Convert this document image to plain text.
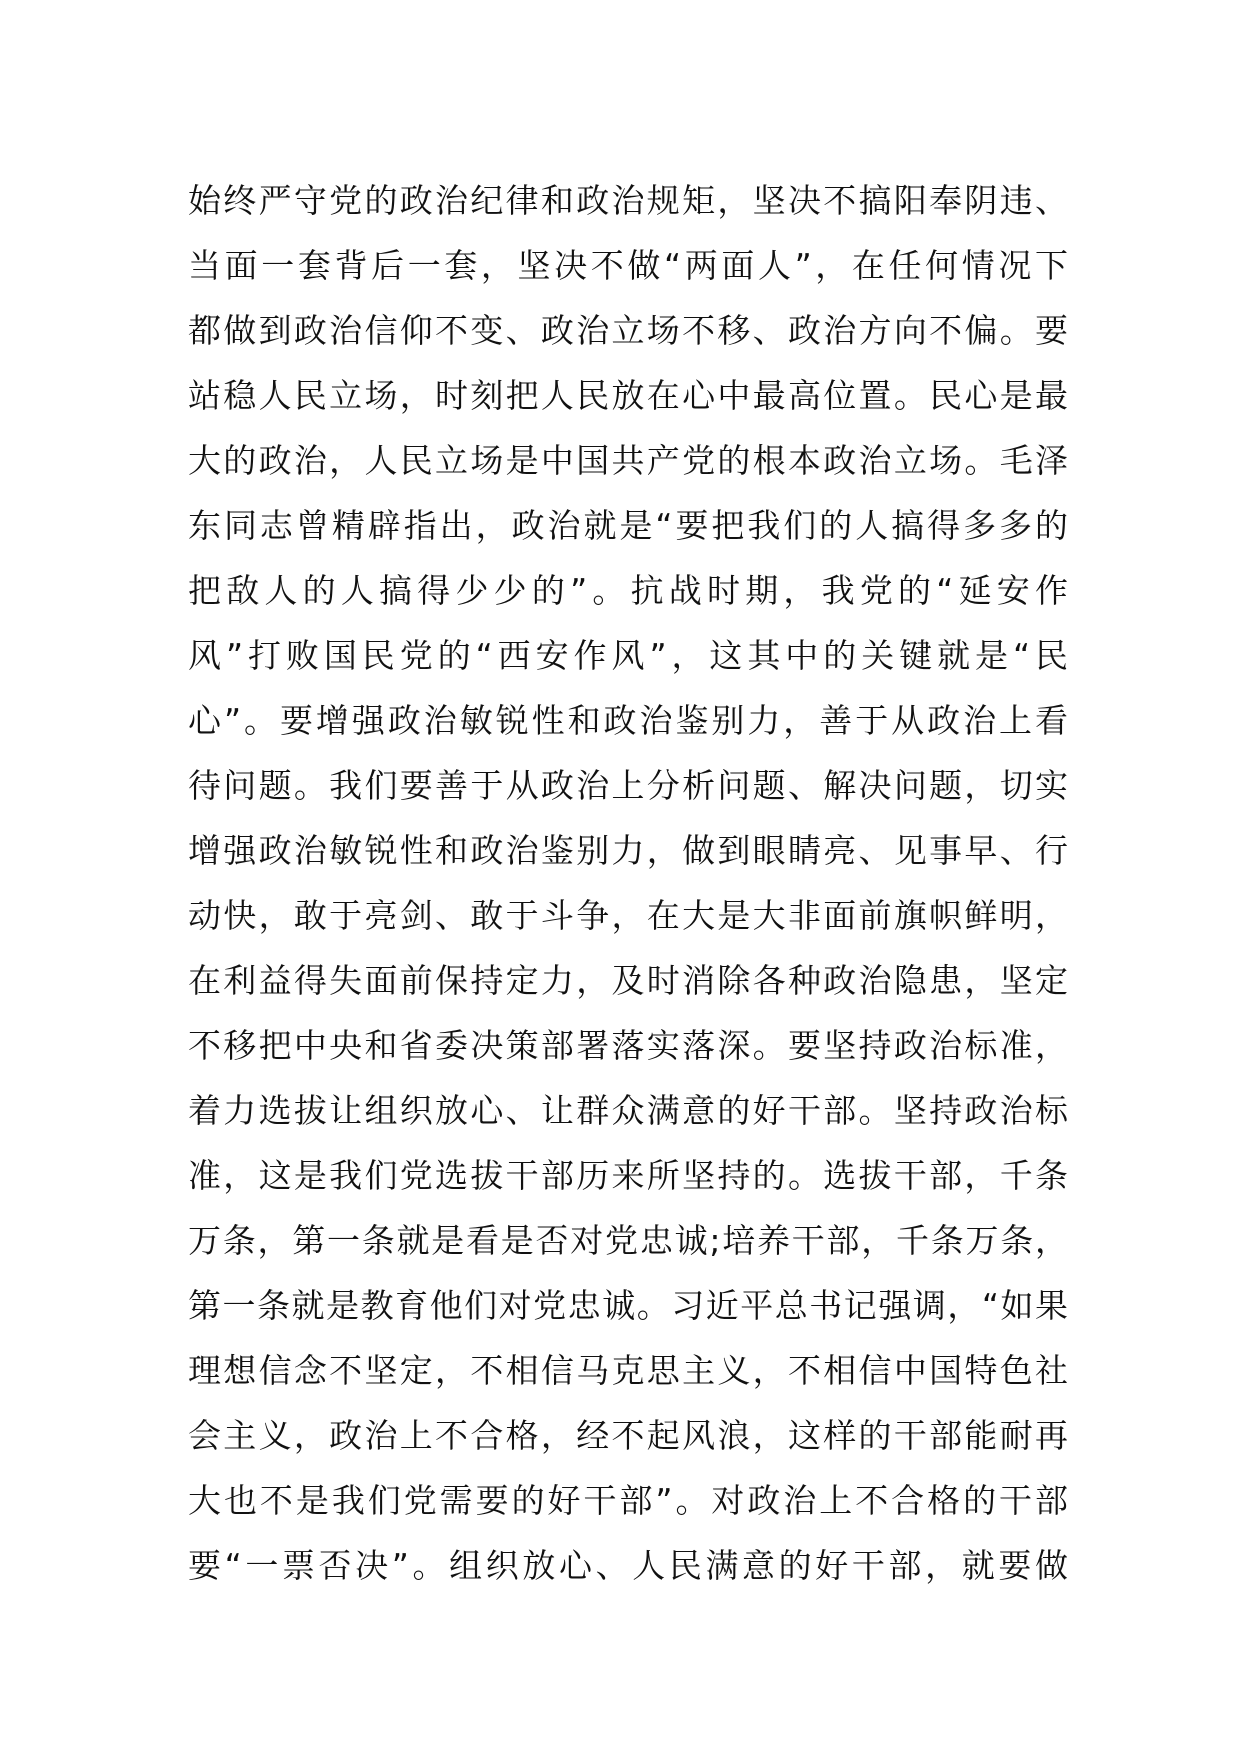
始终严守党的政治纪律和政治规矩，坚决不搞阳奉阴违、
当面一套背后一套，坚决不做“两面人”，在任何情况下
都做到政治信仰不变、政治立场不移、政治方向不偏。要
站稳人民立场，时刻把人民放在心中最高位置。民心是最
大的政治，人民立场是中国共产党的根本政治立场。毛泽
东同志曾精辟指出，政治就是“要把我们的人搞得多多的
把敌人的人搞得少少的”。抗战时期，我党的“延安作
风”打败国民党的“西安作风”，这其中的关键就是“民
心”。要增强政治敏锐性和政治鉴别力，善于从政治上看
待问题。我们要善于从政治上分析问题、解决问题，切实
增强政治敏锐性和政治鉴别力，做到眼睛亮、见事早、行
动快，敢于亮剑、敢于斗争，在大是大非面前旗帜鲜明，
在利益得失面前保持定力，及时消除各种政治隐患，坚定
不移把中央和省委决策部署落实落深。要坚持政治标准，
着力选拔让组织放心、让群众满意的好干部。坚持政治标
准，这是我们党选拔干部历来所坚持的。选拔干部，千条
万条，第一条就是看是否对党忠诚;培养干部，千条万条，
第一条就是教育他们对党忠诚。习近平总书记强调，“如果
理想信念不坚定，不相信马克思主义，不相信中国特色社
会主义，政治上不合格，经不起风浪，这样的干部能耐再
大也不是我们党需要的好干部”。对政治上不合格的干部
要“一票否决”。组织放心、人民满意的好干部，就要做
